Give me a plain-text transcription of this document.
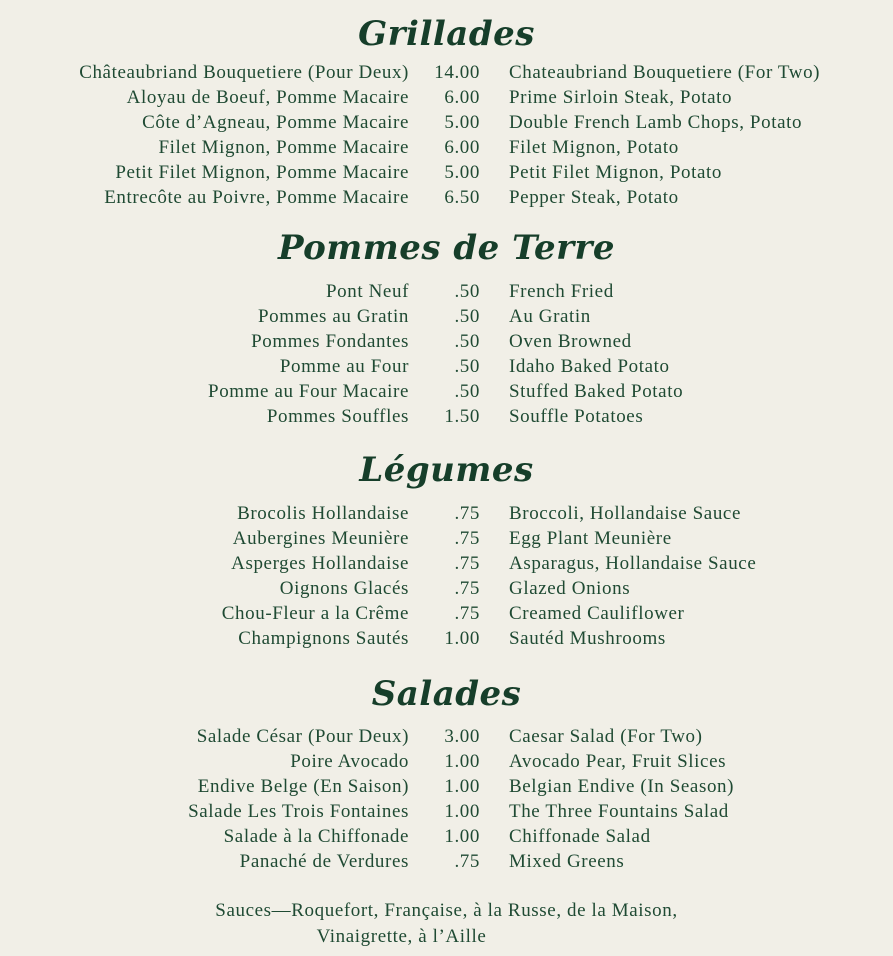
Grillades
Châteaubriand Bouquetiere (Pour Deux) 14.00 Chateaubriand Bouquetiere (For Two)
Aloyau de Boeuf, Pomme Macaire 6.00 Prime Sirloin Steak, Potato
Côte d’Agneau, Pomme Macaire 5.00 Double French Lamb Chops, Potato
Filet Mignon, Pomme Macaire 6.00 Filet Mignon, Potato
Petit Filet Mignon, Pomme Macaire 5.00 Petit Filet Mignon, Potato
Entrecôte au Poivre, Pomme Macaire 6.50 Pepper Steak, Potato
Pommes de Terre
Pont Neuf .50 French Fried
Pommes au Gratin .50 Au Gratin
Pommes Fondantes .50 Oven Browned
Pomme au Four .50 Idaho Baked Potato
Pomme au Four Macaire .50 Stuffed Baked Potato
Pommes Souffles 1.50 Souffle Potatoes
Légumes
Brocolis Hollandaise .75 Broccoli, Hollandaise Sauce
Aubergines Meunière .75 Egg Plant Meunière
Asperges Hollandaise .75 Asparagus, Hollandaise Sauce
Oignons Glacés .75 Glazed Onions
Chou-Fleur a la Crême .75 Creamed Cauliflower
Champignons Sautés 1.00 Sautéd Mushrooms
Salades
Salade César (Pour Deux) 3.00 Caesar Salad (For Two)
Poire Avocado 1.00 Avocado Pear, Fruit Slices
Endive Belge (En Saison) 1.00 Belgian Endive (In Season)
Salade Les Trois Fontaines 1.00 The Three Fountains Salad
Salade à la Chiffonade 1.00 Chiffonade Salad
Panaché de Verdures .75 Mixed Greens
Sauces—Roquefort, Française, à la Russe, de la Maison,
Vinaigrette, à l’Aille
